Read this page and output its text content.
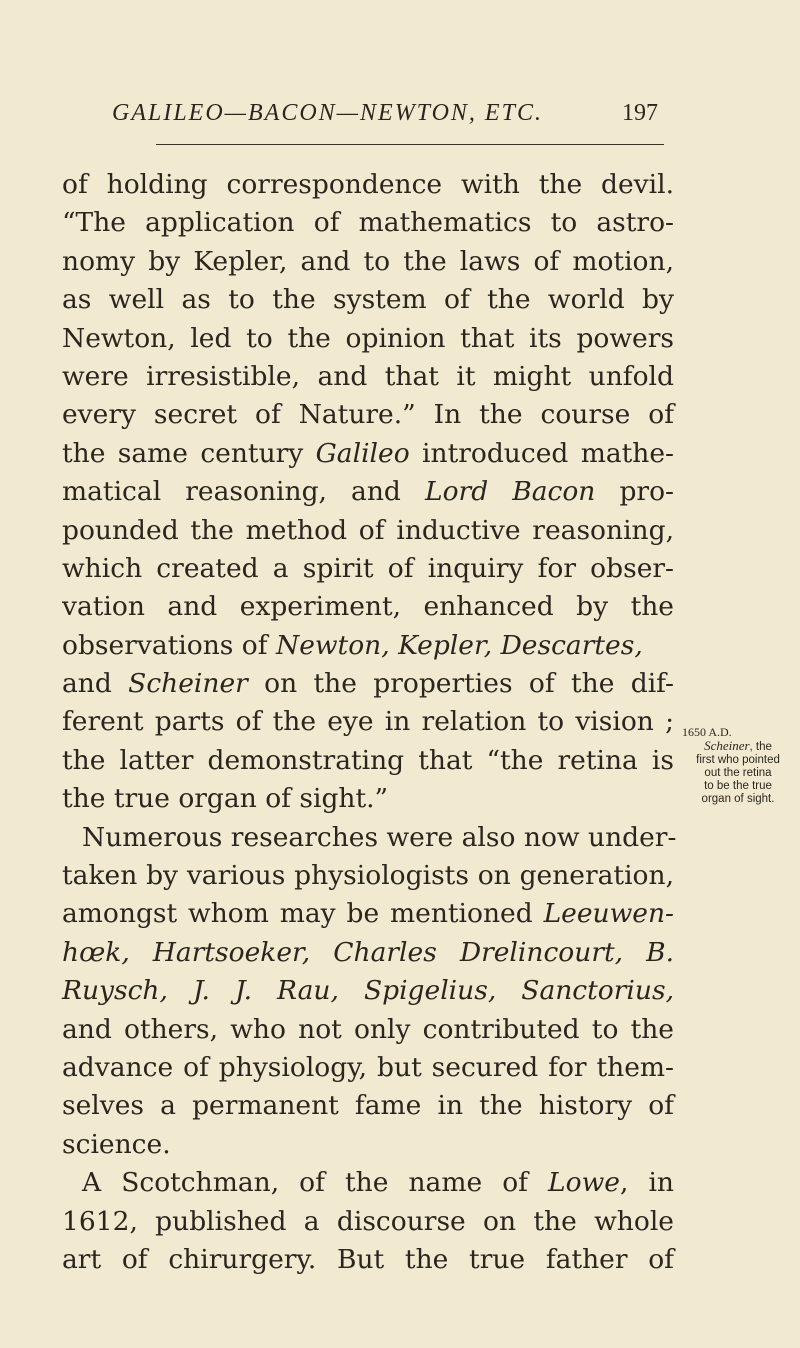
GALILEO—BACON—NEWTON, ETC.	197
of holding correspondence with the devil.
“The application of mathematics to astro-
nomy by Kepler, and to the laws of motion,
as well as to the system of the world by
Newton, led to the opinion that its powers
were irresistible, and that it might unfold
every secret of Nature.” In the course of
the same century Galileo introduced mathe-
matical reasoning, and Lord Bacon pro-
pounded the method of inductive reasoning,
which created a spirit of inquiry for obser-
vation and experiment, enhanced by the
observations of Newton, Kepler, Descartes,
and Scheiner on the properties of the dif-
ferent parts of the eye in relation to vision ;
the latter demonstrating that “the retina is
the true organ of sight.”
Numerous researches were also now under-
taken by various physiologists on generation,
amongst whom may be mentioned Leeuwen-
hœk, Hartsoeker, Charles Drelincourt, B.
Ruysch, J. J. Rau, Spigelius, Sanctorius,
and others, who not only contributed to the
advance of physiology, but secured for them-
selves a permanent fame in the history of
science.
A Scotchman, of the name of Lowe, in
1612, published a discourse on the whole
art of chirurgery. But the true father of
1650 A.D.
Scheiner, the
first who pointed
out the retina
to be the true
organ of sight.
